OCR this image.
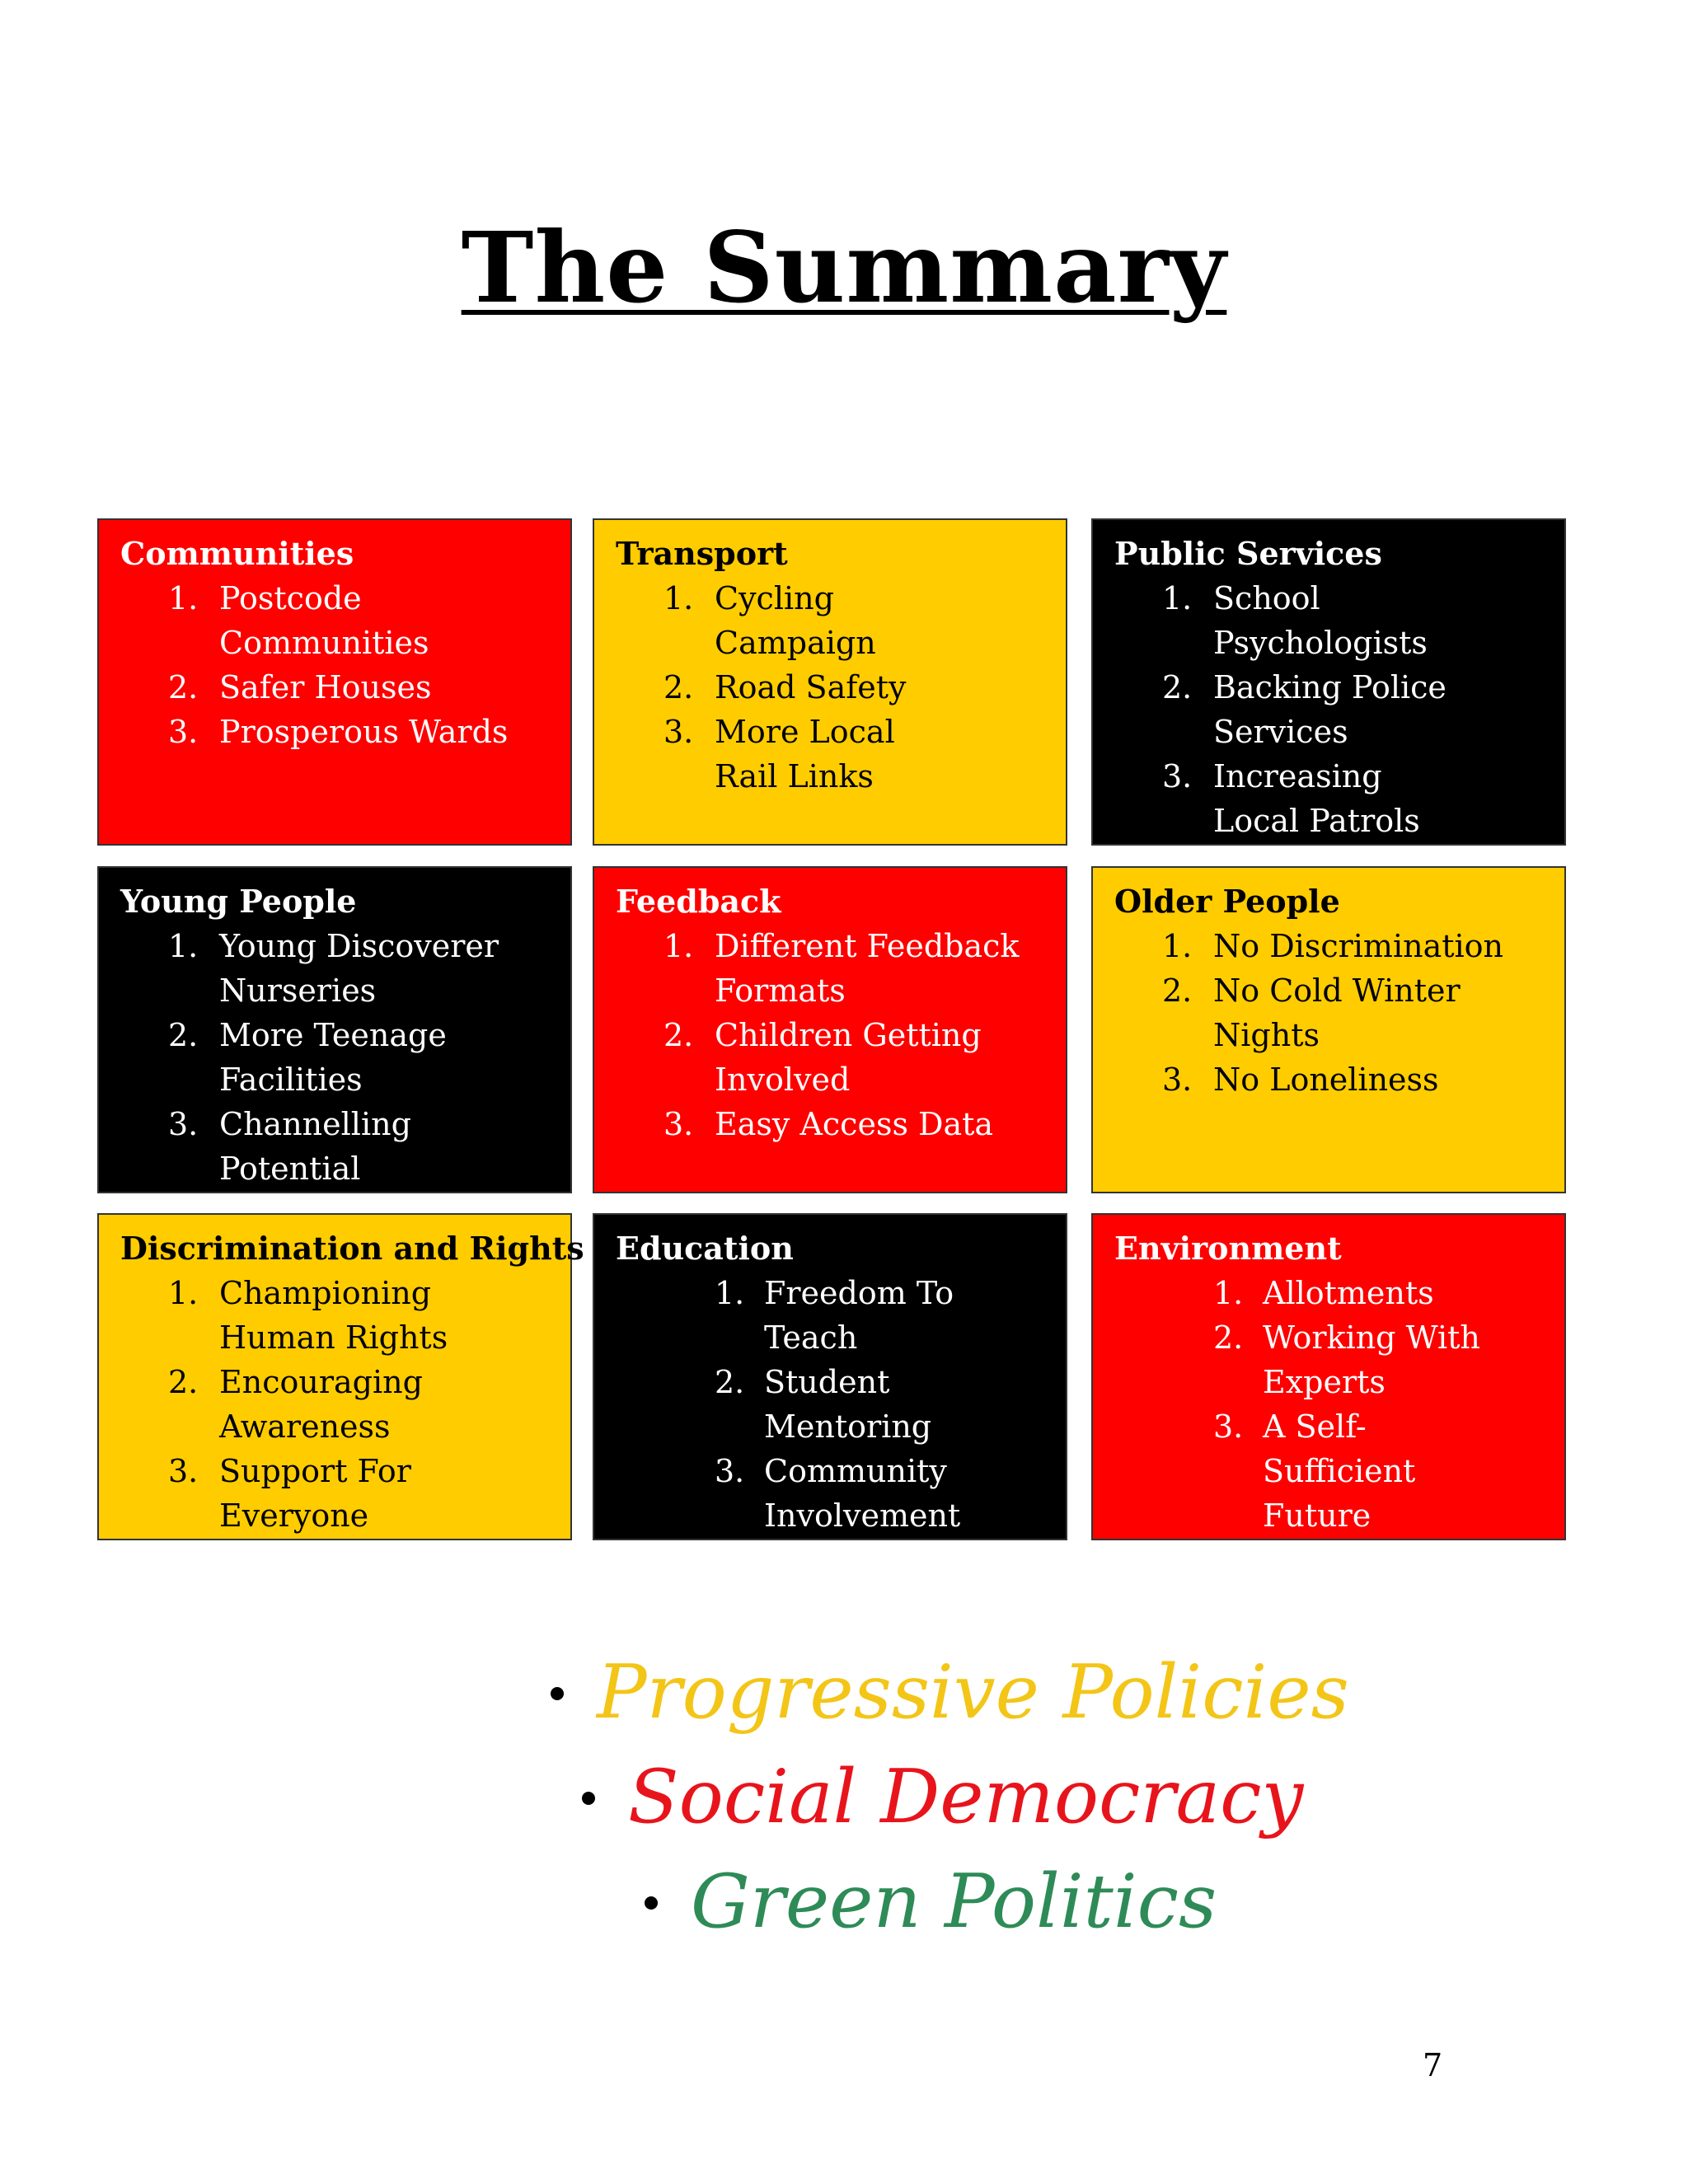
The Summary
Communities
1. Postcode Communities
2. Safer Houses
3. Prosperous Wards
Transport
1. Cycling Campaign
2. Road Safety
3. More Local Rail Links
Public Services
1. School Psychologists
2. Backing Police Services
3. Increasing Local Patrols
Young People
1. Young Discoverer Nurseries
2. More Teenage Facilities
3. Channelling Potential
Feedback
1. Different Feedback Formats
2. Children Getting Involved
3. Easy Access Data
Older People
1. No Discrimination
2. No Cold Winter Nights
3. No Loneliness
Discrimination and Rights
1. Championing Human Rights
2. Encouraging Awareness
3. Support For Everyone
Education
1. Freedom To Teach
2. Student Mentoring
3. Community Involvement
Environment
1. Allotments
2. Working With Experts
3. A Self-Sufficient Future
Progressive Policies
Social Democracy
Green Politics
7
